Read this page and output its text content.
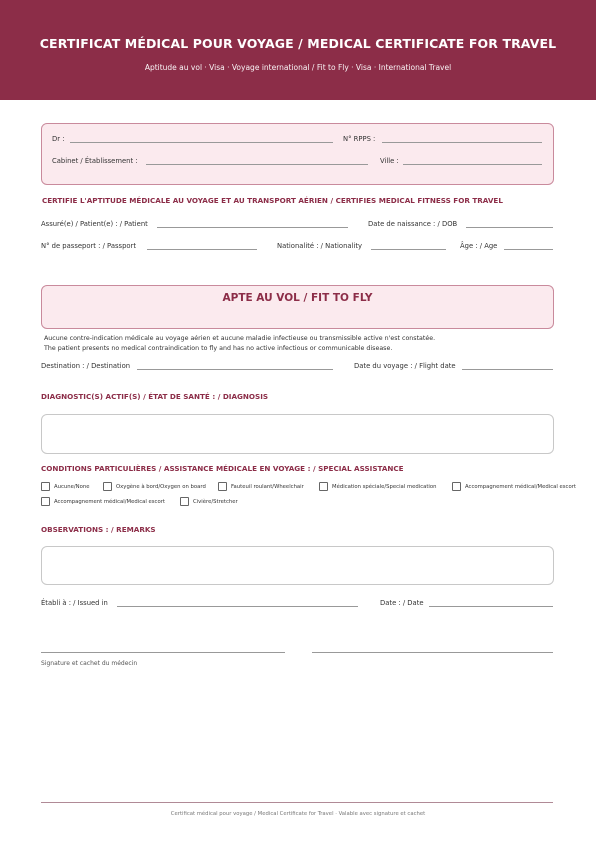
CERTIFICAT MÉDICAL POUR VOYAGE / MEDICAL CERTIFICATE FOR TRAVEL
Aptitude au vol · Visa · Voyage international / Fit to Fly · Visa · International Travel
Dr :	N° RPPS :
Cabinet / Établissement :	Ville :
CERTIFIE L'APTITUDE MÉDICALE AU VOYAGE ET AU TRANSPORT AÉRIEN / CERTIFIES MEDICAL FITNESS FOR TRAVEL
Assuré(e) / Patient(e) : / Patient	Date de naissance : / DOB
N° de passeport : / Passport	Nationalité : / Nationality	Âge : / Age
APTE AU VOL / FIT TO FLY
Aucune contre-indication médicale au voyage aérien et aucune maladie infectieuse ou transmissible active n'est constatée.
The patient presents no medical contraindication to fly and has no active infectious or communicable disease.
Destination : / Destination	Date du voyage : / Flight date
DIAGNOSTIC(S) ACTIF(S) / ÉTAT DE SANTÉ : / DIAGNOSIS
CONDITIONS PARTICULIÈRES / ASSISTANCE MÉDICALE EN VOYAGE : / SPECIAL ASSISTANCE
Aucune/None	Oxygène à bord/Oxygen on board	Fauteuil roulant/Wheelchair	Médication spéciale/Special medication	Accompagnement médical/Medical escort
Accompagnement médical/Medical escort	Civière/Stretcher
OBSERVATIONS : / REMARKS
Établi à : / Issued in	Date : / Date
Signature et cachet du médecin
Certificat médical pour voyage / Medical Certificate for Travel · Valable avec signature et cachet
